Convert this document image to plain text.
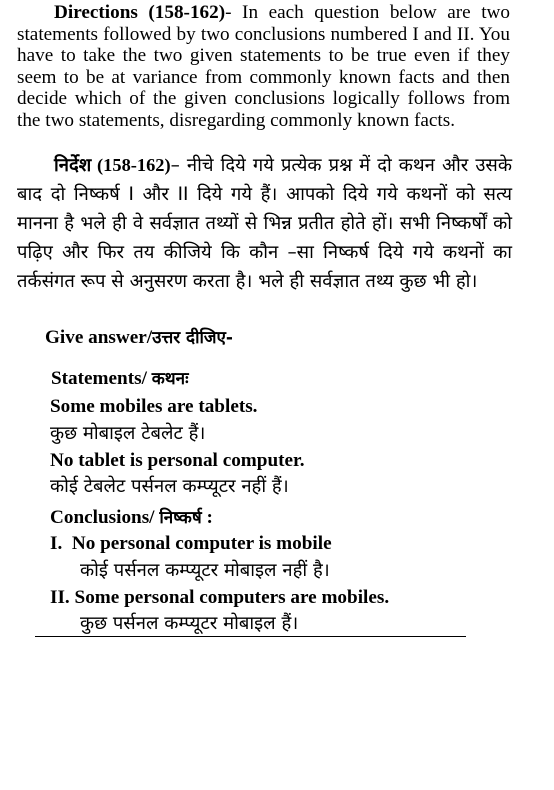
Directions (158-162)- In each question below are two statements followed by two conclusions numbered I and II. You have to take the two given statements to be true even if they seem to be at variance from commonly known facts and then decide which of the given conclusions logically follows from the two statements, disregarding commonly known facts.

निर्देश (158-162)– नीचे दिये गये प्रत्येक प्रश्न में दो कथन और उसके बाद दो निष्कर्ष I और II दिये गये हैं। आपको दिये गये कथनों को सत्य मानना है भले ही वे सर्वज्ञात तथ्यों से भिन्न प्रतीत होते हों। सभी निष्कर्षों को पढ़िए और फिर तय कीजिये कि कौन –सा निष्कर्ष दिये गये कथनों का तर्कसंगत रूप से अनुसरण करता है। भले ही सर्वज्ञात तथ्य कुछ भी हो।

Give answer/उत्तर दीजिए-

Statements/ कथनः

Some mobiles are tablets.

कुछ मोबाइल टेबलेट हैं।

No tablet is personal computer.

कोई टेबलेट पर्सनल कम्प्यूटर नहीं हैं।

Conclusions/ निष्कर्ष :

I.  No personal computer is mobile

कोई पर्सनल कम्प्यूटर मोबाइल नहीं है।

II. Some personal computers are mobiles.

कुछ पर्सनल कम्प्यूटर मोबाइल हैं।
